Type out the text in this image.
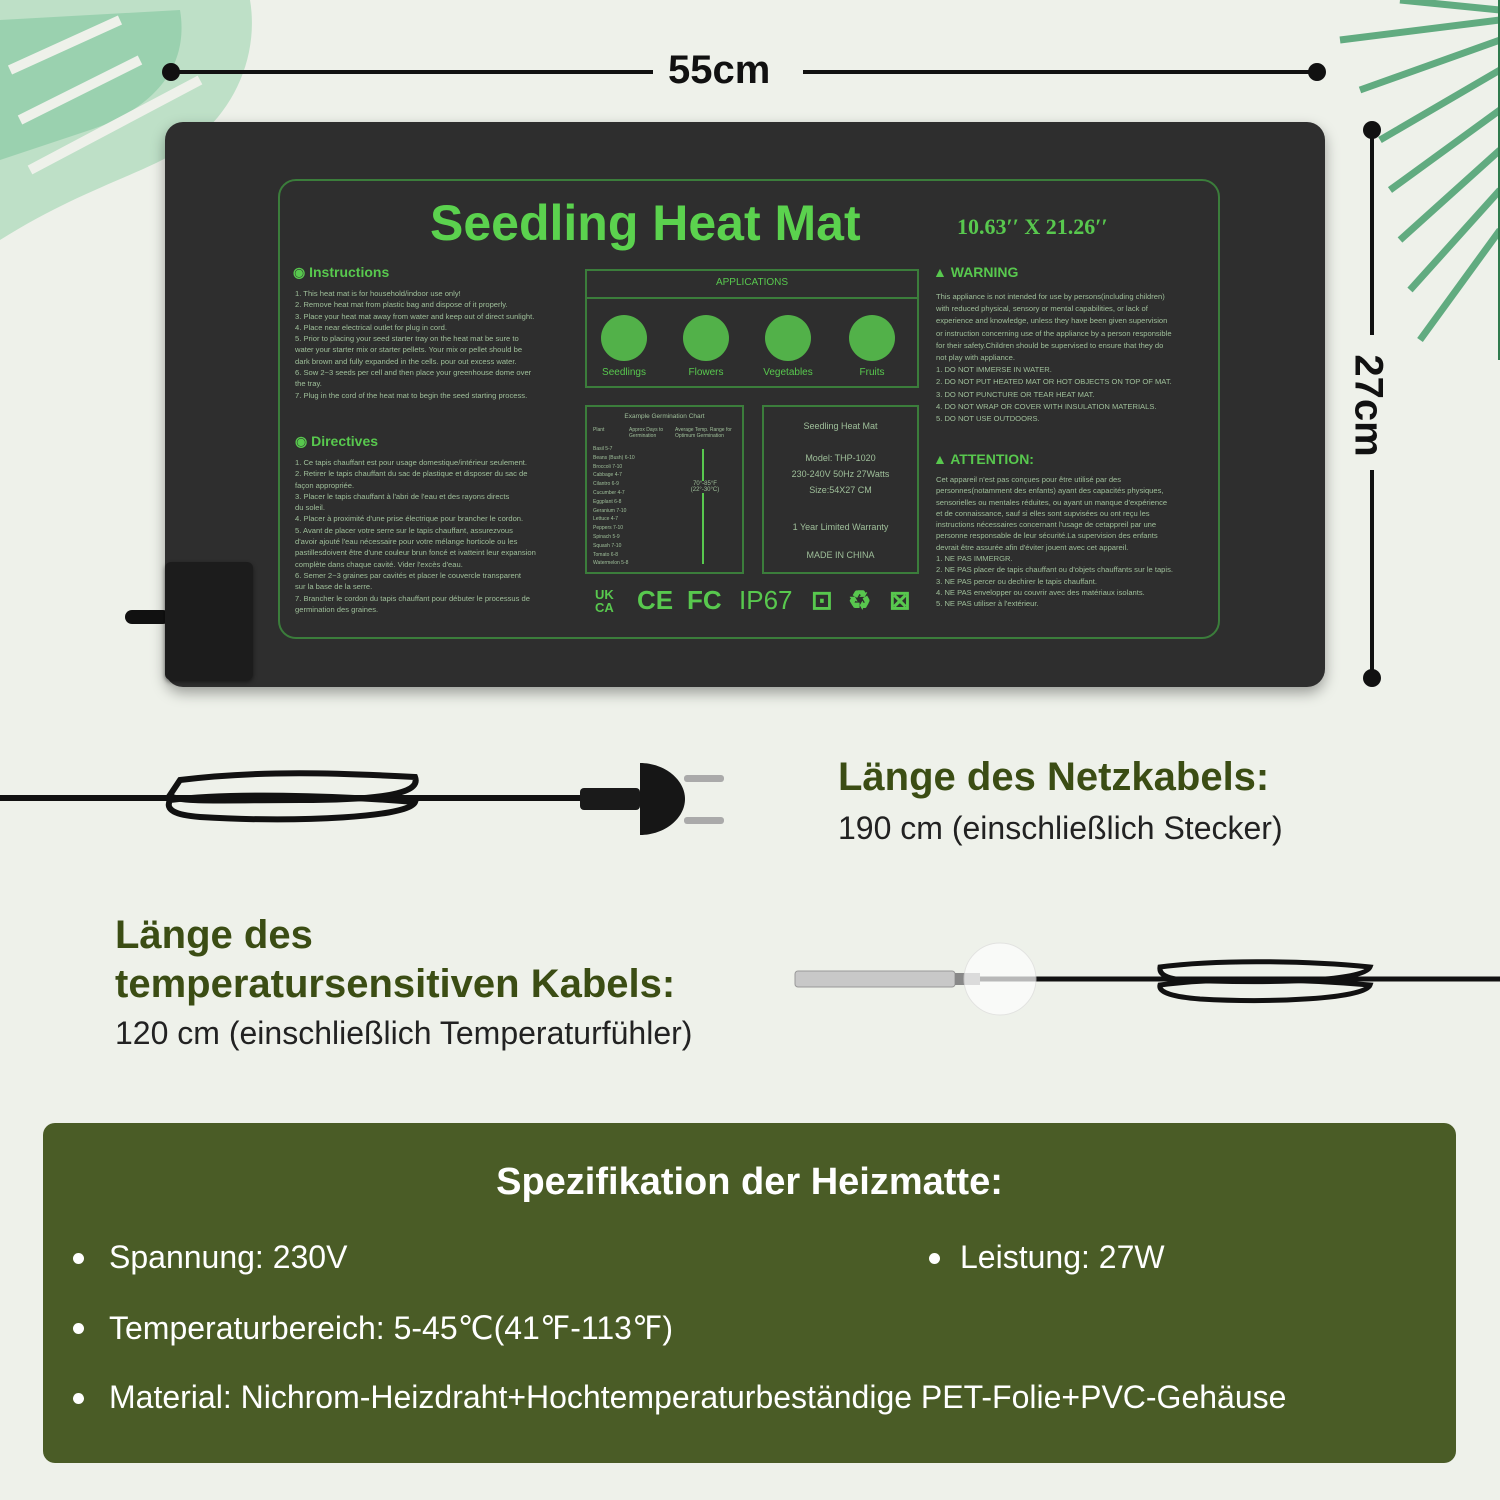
55cm
27cm
Seedling Heat Mat	10.63′′ X 21.26′′
◉ Instructions
1. This heat mat is for household/indoor use only!
2. Remove heat mat from plastic bag and dispose of it properly.
3. Place your heat mat away from water and keep out of direct sunlight.
4. Place near electrical outlet for plug in cord.
5. Prior to placing your seed starter tray on the heat mat be sure to
water your starter mix or starter pellets. Your mix or pellet should be
dark brown and fully expanded in the cells. pour out excess water.
6. Sow 2~3 seeds per cell and then place your greenhouse dome over
the tray.
7. Plug in the cord of the heat mat to begin the seed starting process.
◉ Directives
1. Ce tapis chauffant est pour usage domestique/intérieur seulement.
2. Retirer le tapis chauffant du sac de plastique et disposer du sac de
façon appropriée.
3. Placer le tapis chauffant à l'abri de l'eau et des rayons directs
du soleil.
4. Placer à proximité d'une prise électrique pour brancher le cordon.
5. Avant de placer votre serre sur le tapis chauffant, assurezvous
d'avoir ajouté l'eau nécessaire pour votre mélange horticole ou les
pastillesdoivent être d'une couleur brun foncé et ivatteint leur expansion
complète dans chaque cavité. Vider l'excès d'eau.
6. Semer 2~3 graines par cavités et placer le couvercle transparent
sur la base de la serre.
7. Brancher le cordon du tapis chauffant pour débuter le processus de
germination des graines.
APPLICATIONS
Seedlings	Flowers	Vegetables	Fruits
Example Germination Chart
Plant	Approx Days to Germination
Average Temp. Range for Optimum Germination
Basil 5-7
Beans (Bush) 6-10
Broccoli 7-10
Cabbage 4-7
Cilantro 6-9
Cucumber 4-7
Eggplant 6-8
Geranium 7-10
Lettuce 4-7
Peppers 7-10
Spinach 5-9
Squash 7-10
Tomato 6-8
Watermelon 5-8
70°-85°F (22°-30°C)
Seedling Heat Mat
Model: THP-1020
230-240V 50Hz 27Watts
Size:54X27 CM
1 Year Limited Warranty
MADE IN CHINA
UK CA CE FC IP67 ⊡ ♻ ⊠
▲ WARNING
This appliance is not intended for use by persons(including children)
with reduced physical, sensory or mental capabilities, or lack of
experience and knowledge, unless they have been given supervision
or instruction concerning use of the appliance by a person responsible
for their safety.Children should be supervised to ensure that they do
not play with appliance.
1. DO NOT IMMERSE IN WATER.
2. DO NOT PUT HEATED MAT OR HOT OBJECTS ON TOP OF MAT.
3. DO NOT PUNCTURE OR TEAR HEAT MAT.
4. DO NOT WRAP OR COVER WITH INSULATION MATERIALS.
5. DO NOT USE OUTDOORS.
▲ ATTENTION:
Cet appareil n'est pas conçues pour être utilisé par des
personnes(notamment des enfants) ayant des capacités physiques,
sensorielles ou mentales réduites, ou ayant un manque d'expérience
et de connaissance, sauf si elles sont supvisées ou ont reçu les
instructions nécessaires concernant l'usage de cetappreil par une
personne responsable de leur sécurité.La supervision des enfants
devrait être assurée afin d'éviter jouent avec cet appareil.
1. NE PAS IMMERGR.
2. NE PAS placer de tapis chauffant ou d'objets chauffants sur le tapis.
3. NE PAS percer ou dechirer le tapis chauffant.
4. NE PAS envelopper ou couvrir avec des matériaux isolants.
5. NE PAS utiliser à l'extérieur.
Länge des Netzkabels:
190 cm (einschließlich Stecker)
Länge des
temperatursensitiven Kabels:
120 cm (einschließlich Temperaturfühler)
Spezifikation der Heizmatte:
Spannung: 230V	Leistung: 27W
Temperaturbereich: 5-45℃(41℉-113℉)
Material: Nichrom-Heizdraht+Hochtemperaturbeständige PET-Folie+PVC-Gehäuse
